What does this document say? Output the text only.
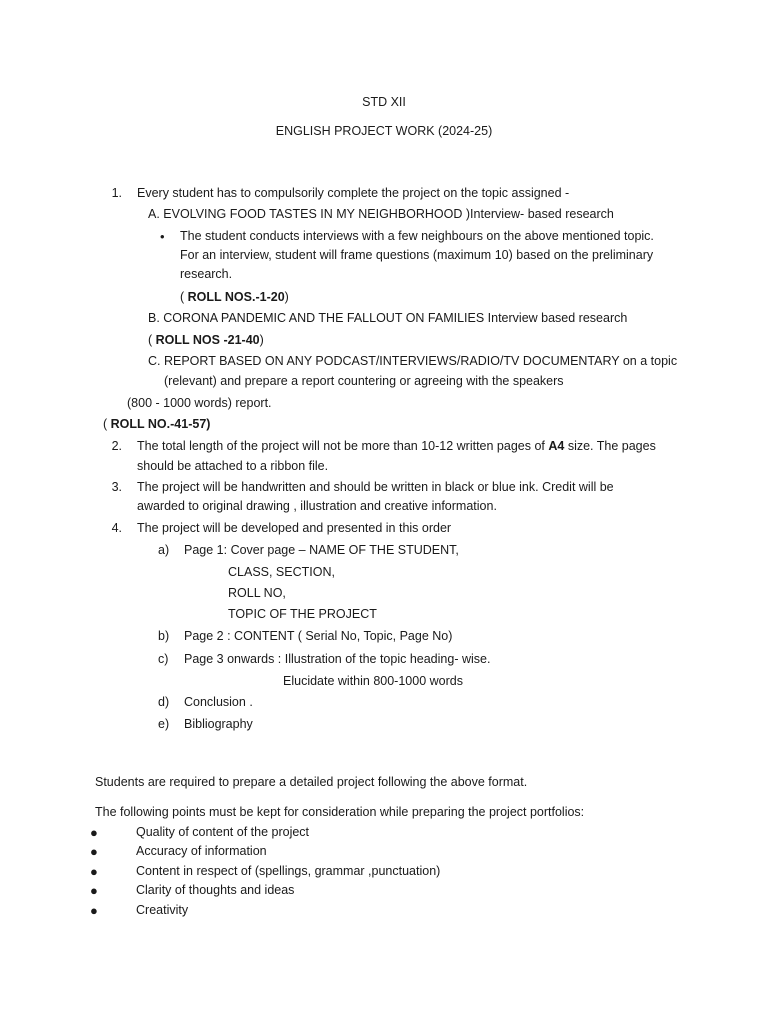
STD XII
ENGLISH PROJECT WORK (2024-25)
1. Every student has to compulsorily complete the project on the topic assigned -
A. EVOLVING FOOD TASTES IN MY NEIGHBORHOOD )Interview- based research
• The student conducts interviews with a few neighbours on the above mentioned topic.
For an interview, student will frame questions (maximum 10) based on the preliminary
research.
( ROLL NOS.-1-20)
B. CORONA PANDEMIC AND THE FALLOUT ON FAMILIES Interview based research
( ROLL NOS -21-40)
C. REPORT BASED ON ANY PODCAST/INTERVIEWS/RADIO/TV DOCUMENTARY on a topic
(relevant) and prepare a report countering or agreeing with the speakers
(800 - 1000 words) report.
( ROLL NO.-41-57)
2. The total length of the project will not be more than 10-12 written pages of A4 size. The pages
should be attached to a ribbon file.
3. The project will be handwritten and should be written in black or blue ink. Credit will be
awarded to original drawing , illustration and creative information.
4. The project will be developed and presented in this order
a) Page 1: Cover page – NAME OF THE STUDENT,
CLASS, SECTION,
ROLL NO,
TOPIC OF THE PROJECT
b) Page 2 : CONTENT ( Serial No, Topic, Page No)
c) Page 3 onwards : Illustration of the topic heading- wise.
Elucidate within 800-1000 words
d) Conclusion .
e) Bibliography
Students are required to prepare a detailed project following the above format.
The following points must be kept for consideration while preparing the project portfolios:
●	Quality of content of the project
●	Accuracy of information
●	Content in respect of (spellings, grammar ,punctuation)
●	Clarity of thoughts and ideas
●	Creativity
